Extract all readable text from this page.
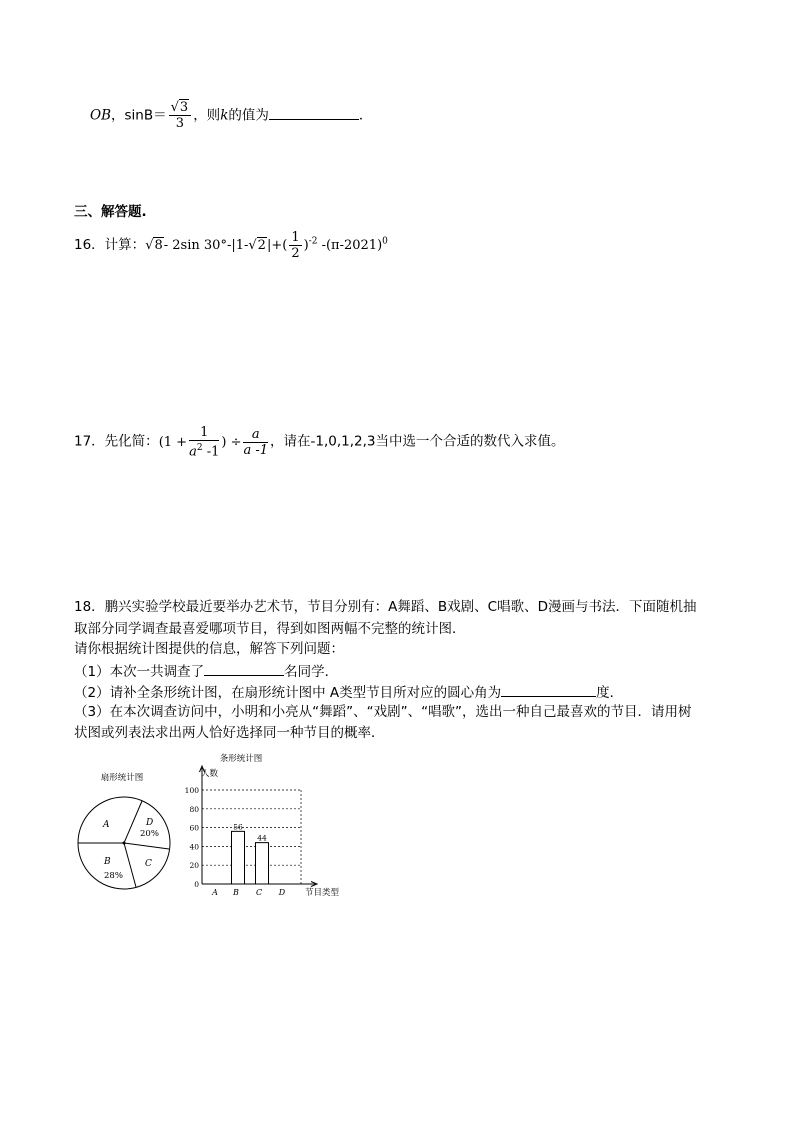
OB，$\sin B= \frac{√3}{3}$ ，则k的值为	．
三、解答题.
16．计算：√8- 2sin $30^\circ-|1-√2|+( \frac{1}{2} )^{-2}$ $-(\pi-2021)^0$
17．先化简：($1 + \frac{1}{a^2 -1}$ ) ÷ $\frac{a}{a -1}$ ，请在-1,0,1,2,3当中选一个合适的数代入求值。
18．鹏兴实验学校最近要举办艺术节，节目分别有：A舞蹈、B戏剧、C唱歌、D漫画与书法．下面随机抽
取部分同学调查最喜爱哪项节目，得到如图两幅不完整的统计图．
请你根据统计图提供的信息，解答下列问题：
（1）本次一共调查了	名同学．
（2）请补全条形统计图，在扇形统计图中 A类型节目所对应的圆心角为	度．
（3）在本次调查访问中，小明和小亮从“舞蹈”、“戏剧”、“唱歌”，选出一种自己最喜欢的节目．请用树
状图或列表法求出两人恰好选择同一种节目的概率．
扇形统计图
A	D
20%
B
28%
C
条形统计图
人数
节目类型
56
44
0
20
40
60
80
100
A B C D
